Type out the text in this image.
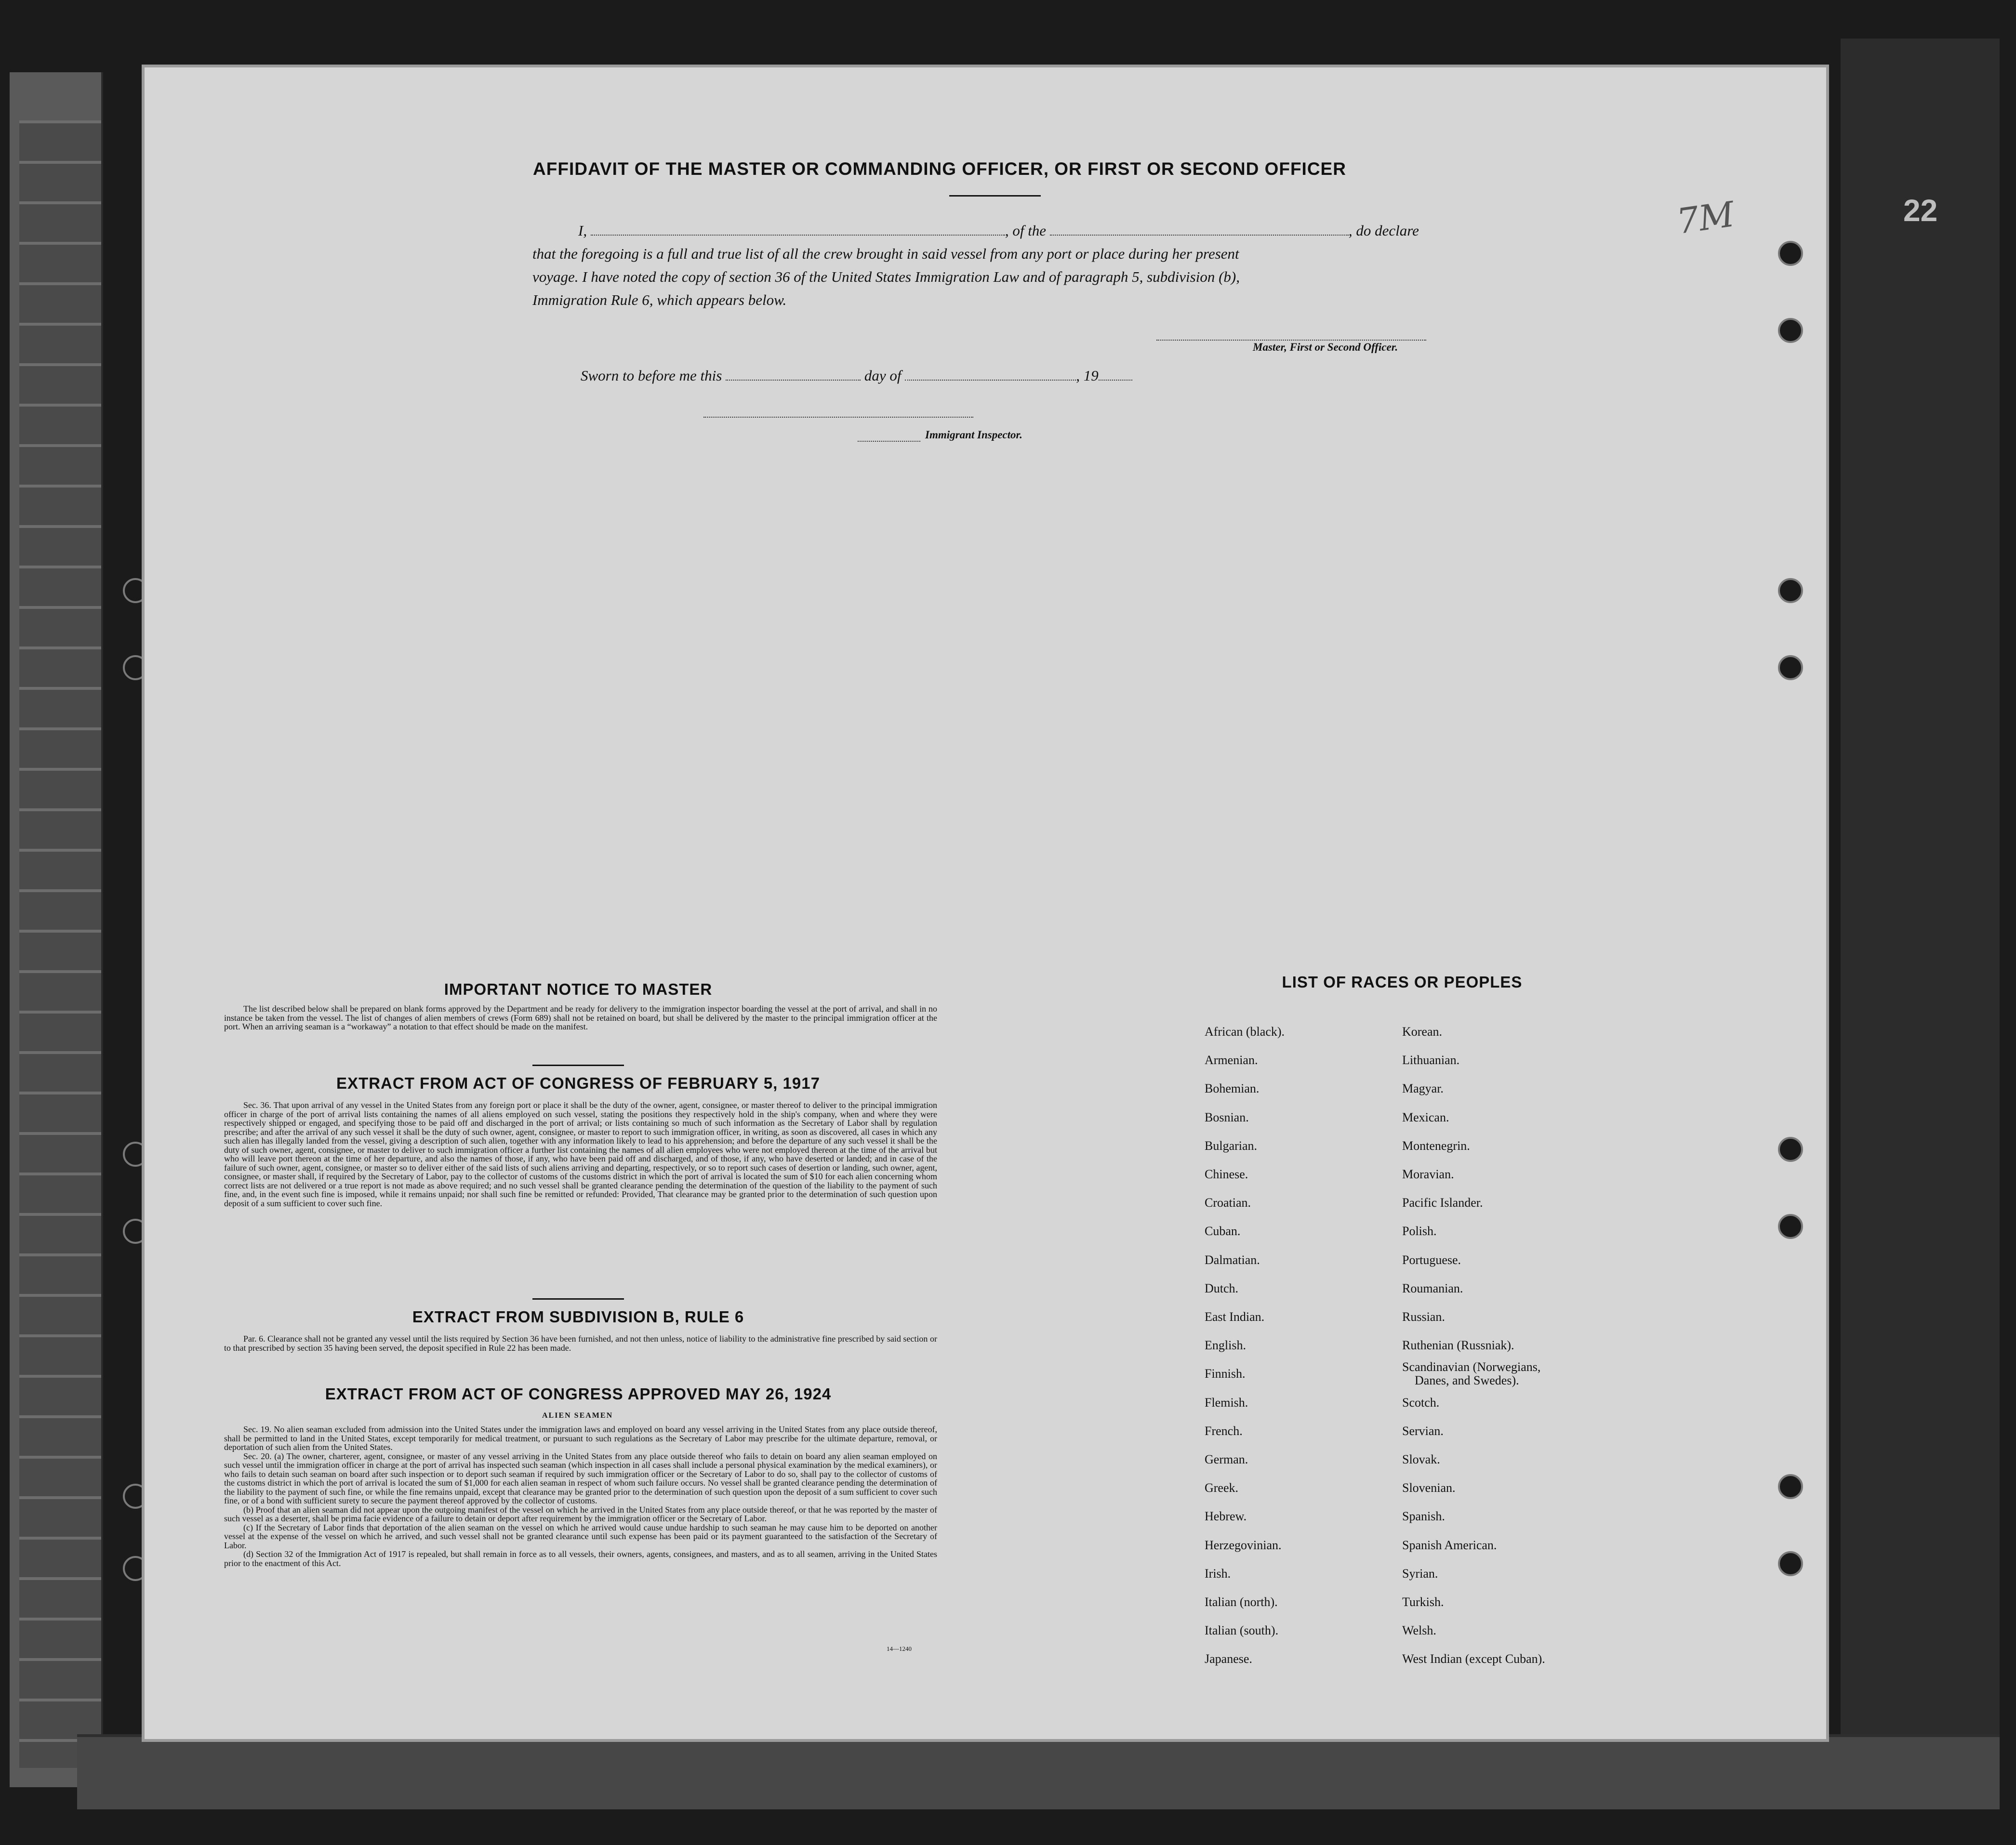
22
7M
AFFIDAVIT OF THE MASTER OR COMMANDING OFFICER, OR FIRST OR SECOND OFFICER
I,	, of the	, do declare
that the foregoing is a full and true list of all the crew brought in said vessel from any port or place during her present
voyage. I have noted the copy of section 36 of the United States Immigration Law and of paragraph 5, subdivision (b),
Immigration Rule 6, which appears below.
Master, First or Second Officer.
Sworn to before me this	day of	, 19
Immigrant Inspector.
IMPORTANT NOTICE TO MASTER

The list described below shall be prepared on blank forms approved by the Department and be ready for delivery to the immigration inspector boarding the vessel at the port of arrival, and shall in no instance be taken from the vessel. The list of changes of alien members of crews (Form 689) shall not be retained on board, but shall be delivered by the master to the principal immigration officer at the port. When an arriving seaman is a “workaway” a notation to that effect should be made on the manifest.

EXTRACT FROM ACT OF CONGRESS OF FEBRUARY 5, 1917

Sec. 36. That upon arrival of any vessel in the United States from any foreign port or place it shall be the duty of the owner, agent, consignee, or master thereof to deliver to the principal immigration officer in charge of the port of arrival lists containing the names of all aliens employed on such vessel, stating the positions they respectively hold in the ship's company, when and where they were respectively shipped or engaged, and specifying those to be paid off and discharged in the port of arrival; or lists containing so much of such information as the Secretary of Labor shall by regulation prescribe; and after the arrival of any such vessel it shall be the duty of such owner, agent, consignee, or master to report to such immigration officer, in writing, as soon as discovered, all cases in which any such alien has illegally landed from the vessel, giving a description of such alien, together with any information likely to lead to his apprehension; and before the departure of any such vessel it shall be the duty of such owner, agent, consignee, or master to deliver to such immigration officer a further list containing the names of all alien employees who were not employed thereon at the time of the arrival but who will leave port thereon at the time of her departure, and also the names of those, if any, who have been paid off and discharged, and of those, if any, who have deserted or landed; and in case of the failure of such owner, agent, consignee, or master so to deliver either of the said lists of such aliens arriving and departing, respectively, or so to report such cases of desertion or landing, such owner, agent, consignee, or master shall, if required by the Secretary of Labor, pay to the collector of customs of the customs district in which the port of arrival is located the sum of $10 for each alien concerning whom correct lists are not delivered or a true report is not made as above required; and no such vessel shall be granted clearance pending the determination of the question of the liability to the payment of such fine, and, in the event such fine is imposed, while it remains unpaid; nor shall such fine be remitted or refunded: Provided, That clearance may be granted prior to the determination of such question upon deposit of a sum sufficient to cover such fine.

EXTRACT FROM SUBDIVISION B, RULE 6

Par. 6. Clearance shall not be granted any vessel until the lists required by Section 36 have been furnished, and not then unless, notice of liability to the administrative fine prescribed by said section or to that prescribed by section 35 having been served, the deposit specified in Rule 22 has been made.

EXTRACT FROM ACT OF CONGRESS APPROVED MAY 26, 1924
ALIEN SEAMEN

Sec. 19. No alien seaman excluded from admission into the United States under the immigration laws and employed on board any vessel arriving in the United States from any place outside thereof, shall be permitted to land in the United States, except temporarily for medical treatment, or pursuant to such regulations as the Secretary of Labor may prescribe for the ultimate departure, removal, or deportation of such alien from the United States.

Sec. 20. (a) The owner, charterer, agent, consignee, or master of any vessel arriving in the United States from any place outside thereof who fails to detain on board any alien seaman employed on such vessel until the immigration officer in charge at the port of arrival has inspected such seaman (which inspection in all cases shall include a personal physical examination by the medical examiners), or who fails to detain such seaman on board after such inspection or to deport such seaman if required by such immigration officer or the Secretary of Labor to do so, shall pay to the collector of customs of the customs district in which the port of arrival is located the sum of $1,000 for each alien seaman in respect of whom such failure occurs. No vessel shall be granted clearance pending the determination of the liability to the payment of such fine, or while the fine remains unpaid, except that clearance may be granted prior to the determination of such question upon the deposit of a sum sufficient to cover such fine, or of a bond with sufficient surety to secure the payment thereof approved by the collector of customs.

(b) Proof that an alien seaman did not appear upon the outgoing manifest of the vessel on which he arrived in the United States from any place outside thereof, or that he was reported by the master of such vessel as a deserter, shall be prima facie evidence of a failure to detain or deport after requirement by the immigration officer or the Secretary of Labor.

(c) If the Secretary of Labor finds that deportation of the alien seaman on the vessel on which he arrived would cause undue hardship to such seaman he may cause him to be deported on another vessel at the expense of the vessel on which he arrived, and such vessel shall not be granted clearance until such expense has been paid or its payment guaranteed to the satisfaction of the Secretary of Labor.

(d) Section 32 of the Immigration Act of 1917 is repealed, but shall remain in force as to all vessels, their owners, agents, consignees, and masters, and as to all seamen, arriving in the United States prior to the enactment of this Act.

14—1240
LIST OF RACES OR PEOPLES
African (black).
Armenian.
Bohemian.
Bosnian.
Bulgarian.
Chinese.
Croatian.
Cuban.
Dalmatian.
Dutch.
East Indian.
English.
Finnish.
Flemish.
French.
German.
Greek.
Hebrew.
Herzegovinian.
Irish.
Italian (north).
Italian (south).
Japanese.
Korean.
Lithuanian.
Magyar.
Mexican.
Montenegrin.
Moravian.
Pacific Islander.
Polish.
Portuguese.
Roumanian.
Russian.
Ruthenian (Russniak).
Scandinavian (Norwegians,
Danes, and Swedes).
Scotch.
Servian.
Slovak.
Slovenian.
Spanish.
Spanish American.
Syrian.
Turkish.
Welsh.
West Indian (except Cuban).
